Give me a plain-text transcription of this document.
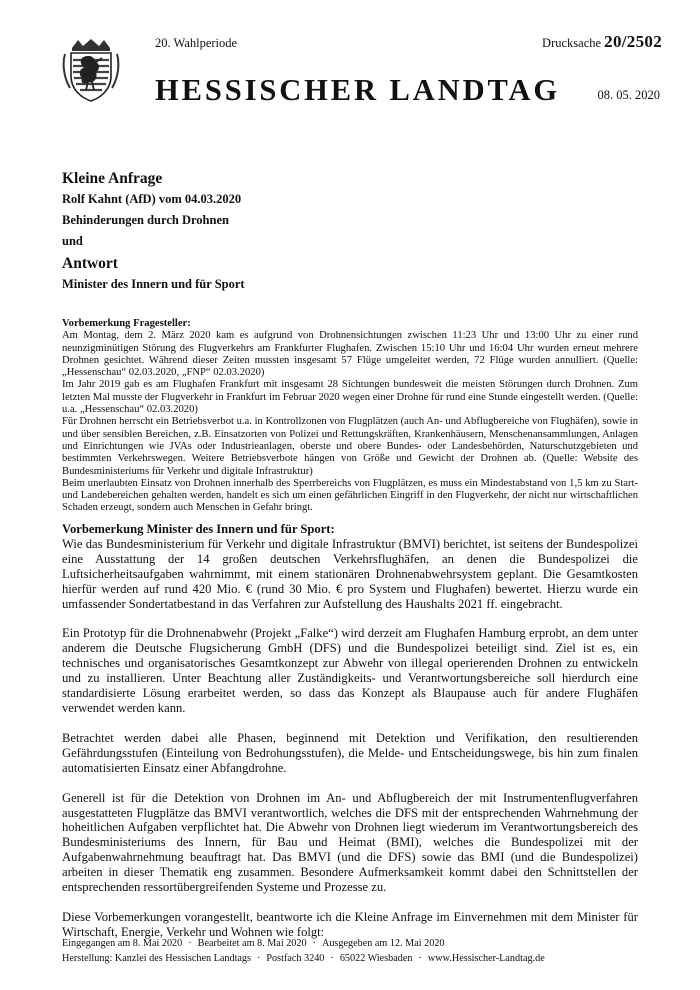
20. Wahlperiode	Drucksache 20/2502
HESSISCHER LANDTAG	08. 05. 2020
Kleine Anfrage
Rolf Kahnt (AfD) vom 04.03.2020
Behinderungen durch Drohnen
und
Antwort
Minister des Innern und für Sport
Vorbemerkung Fragesteller:

Am Montag, dem 2. März 2020 kam es aufgrund von Drohnensichtungen zwischen 11:23 Uhr und 13:00 Uhr zu einer rund neunzigminütigen Störung des Flugverkehrs am Frankfurter Flughafen. Zwischen 15:10 Uhr und 16:04 Uhr wurden erneut mehrere Drohnen gesichtet. Während dieser Zeiten mussten insgesamt 57 Flüge umgeleitet werden, 72 Flüge wurden annulliert. (Quelle: „Hessenschau“ 02.03.2020, „FNP“ 02.03.2020)

Im Jahr 2019 gab es am Flughafen Frankfurt mit insgesamt 28 Sichtungen bundesweit die meisten Störungen durch Drohnen. Zum letzten Mal musste der Flugverkehr in Frankfurt im Februar 2020 wegen einer Drohne für rund eine Stunde eingestellt werden. (Quelle: u.a. „Hessenschau“ 02.03.2020)

Für Drohnen herrscht ein Betriebsverbot u.a. in Kontrollzonen von Flugplätzen (auch An- und Abflugbereiche von Flughäfen), sowie in und über sensiblen Bereichen, z.B. Einsatzorten von Polizei und Rettungskräften, Krankenhäusern, Menschenansammlungen, Anlagen und Einrichtungen wie JVAs oder Industrieanlagen, oberste und obere Bundes- oder Landesbehörden, Naturschutzgebieten und bestimmten Verkehrswegen. Weitere Betriebsverbote hängen von Größe und Gewicht der Drohnen ab. (Quelle: Website des Bundesministeriums für Verkehr und digitale Infrastruktur)

Beim unerlaubten Einsatz von Drohnen innerhalb des Sperrbereichs von Flugplätzen, es muss ein Mindestabstand von 1,5 km zu Start- und Landebereichen gehalten werden, handelt es sich um einen gefährlichen Eingriff in den Flugverkehr, der nicht nur wirtschaftlichen Schaden erzeugt, sondern auch Menschen in Gefahr bringt.

Vorbemerkung Minister des Innern und für Sport:

Wie das Bundesministerium für Verkehr und digitale Infrastruktur (BMVI) berichtet, ist seitens der Bundespolizei eine Ausstattung der 14 großen deutschen Verkehrsflughäfen, an denen die Bundespolizei die Luftsicherheitsaufgaben wahrnimmt, mit einem stationären Drohnenabwehrsystem geplant. Die Gesamtkosten hierfür werden auf rund 420 Mio. € (rund 30 Mio. € pro System und Flughafen) bewertet. Hierzu wurde ein umfassender Sondertatbestand in das Verfahren zur Aufstellung des Haushalts 2021 ff. eingebracht.

Ein Prototyp für die Drohnenabwehr (Projekt „Falke“) wird derzeit am Flughafen Hamburg erprobt, an dem unter anderem die Deutsche Flugsicherung GmbH (DFS) und die Bundespolizei beteiligt sind. Ziel ist es, ein technisches und organisatorisches Gesamtkonzept zur Abwehr von illegal operierenden Drohnen zu entwickeln und zu installieren. Unter Beachtung aller Zuständigkeits- und Verantwortungsbereiche soll hierdurch eine standardisierte Lösung erarbeitet werden, so dass das Konzept als Blaupause auch für andere Flughäfen verwendet werden kann.

Betrachtet werden dabei alle Phasen, beginnend mit Detektion und Verifikation, den resultierenden Gefährdungsstufen (Einteilung von Bedrohungsstufen), die Melde- und Entscheidungswege, bis hin zum finalen automatisierten Einsatz einer Abfangdrohne.

Generell ist für die Detektion von Drohnen im An- und Abflugbereich der mit Instrumentenflugverfahren ausgestatteten Flugplätze das BMVI verantwortlich, welches die DFS mit der entsprechenden Wahrnehmung der hoheitlichen Aufgaben verpflichtet hat. Die Abwehr von Drohnen liegt wiederum im Verantwortungsbereich des Bundesministeriums des Innern, für Bau und Heimat (BMI), welches die Bundespolizei mit der Aufgabenwahrnehmung beauftragt hat. Das BMVI (und die DFS) sowie das BMI (und die Bundespolizei) arbeiten in dieser Thematik eng zusammen. Besondere Aufmerksamkeit kommt dabei den Schnittstellen der entsprechenden ressortübergreifenden Systeme und Prozesse zu.

Diese Vorbemerkungen vorangestellt, beantworte ich die Kleine Anfrage im Einvernehmen mit dem Minister für Wirtschaft, Energie, Verkehr und Wohnen wie folgt:

Eingegangen am 8. Mai 2020 · Bearbeitet am 8. Mai 2020 · Ausgegeben am 12. Mai 2020
Herstellung: Kanzlei des Hessischen Landtags · Postfach 3240 · 65022 Wiesbaden · www.Hessischer-Landtag.de
